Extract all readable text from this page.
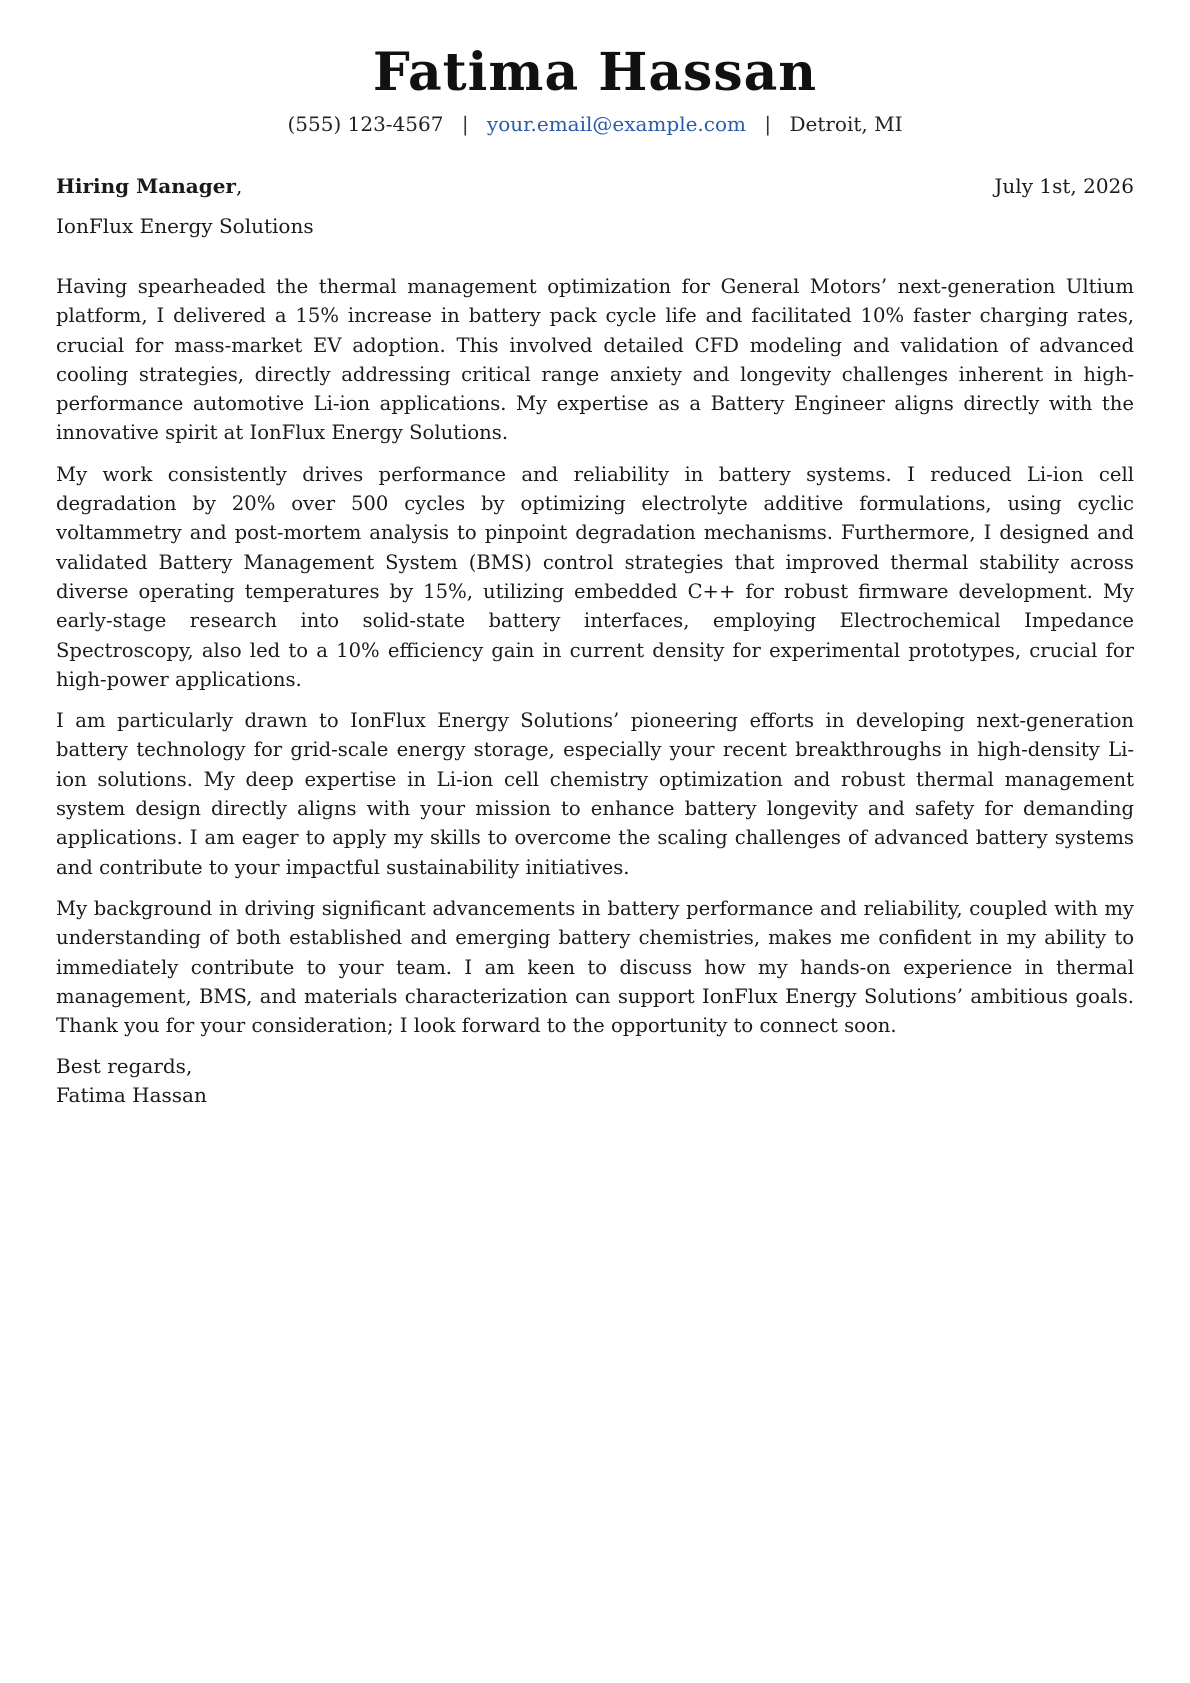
Fatima Hassan
(555) 123-4567 | your.email@example.com | Detroit, MI
Hiring Manager,	July 1st, 2026
IonFlux Energy Solutions

Having spearheaded the thermal management optimization for General Motors’ next-generation Ultium platform, I delivered a 15% increase in battery pack cycle life and facilitated 10% faster charging rates, crucial for mass-market EV adoption. This involved detailed CFD modeling and validation of advanced cooling strategies, directly addressing critical range anxiety and longevity challenges inherent in high-performance automotive Li-ion applications. My expertise as a Battery Engineer aligns directly with the innovative spirit at IonFlux Energy Solutions.

My work consistently drives performance and reliability in battery systems. I reduced Li-ion cell degradation by 20% over 500 cycles by optimizing electrolyte additive formulations, using cyclic voltammetry and post-mortem analysis to pinpoint degradation mechanisms. Furthermore, I designed and validated Battery Management System (BMS) control strategies that improved thermal stability across diverse operating temperatures by 15%, utilizing embedded C++ for robust firmware development. My early-stage research into solid-state battery interfaces, employing Electrochemical Impedance Spectroscopy, also led to a 10% efficiency gain in current density for experimental prototypes, crucial for high-power applications.

I am particularly drawn to IonFlux Energy Solutions’ pioneering efforts in developing next-generation battery technology for grid-scale energy storage, especially your recent breakthroughs in high-density Li-ion solutions. My deep expertise in Li-ion cell chemistry optimization and robust thermal management system design directly aligns with your mission to enhance battery longevity and safety for demanding applications. I am eager to apply my skills to overcome the scaling challenges of advanced battery systems and contribute to your impactful sustainability initiatives.

My background in driving significant advancements in battery performance and reliability, coupled with my understanding of both established and emerging battery chemistries, makes me confident in my ability to immediately contribute to your team. I am keen to discuss how my hands-on experience in thermal management, BMS, and materials characterization can support IonFlux Energy Solutions’ ambitious goals. Thank you for your consideration; I look forward to the opportunity to connect soon.

Best regards,
Fatima Hassan
